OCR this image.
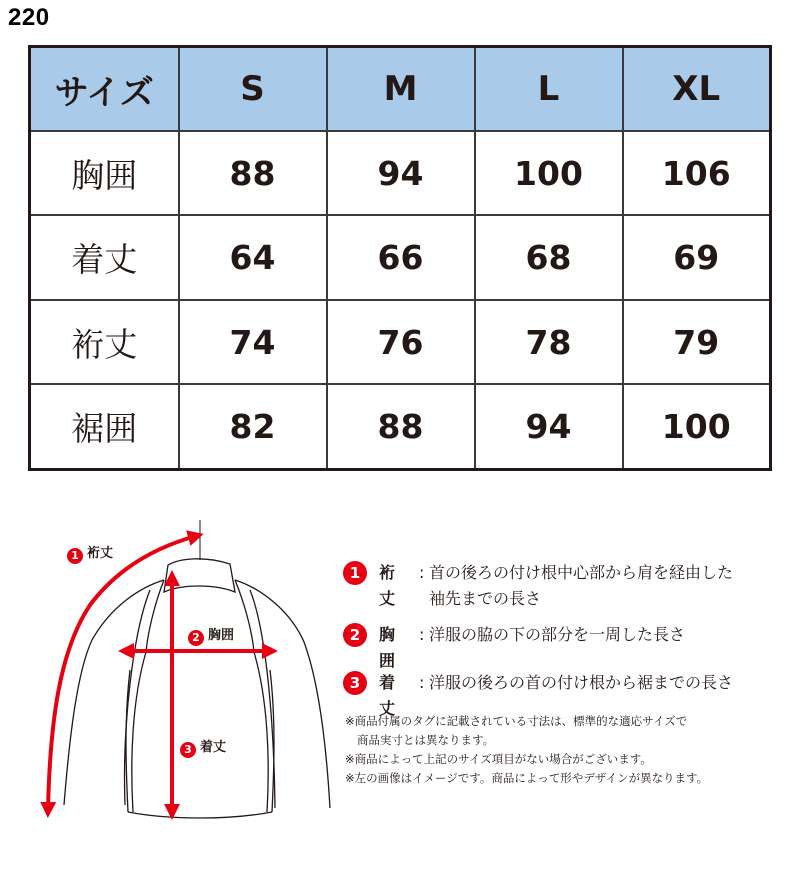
220
サイズ	S	M	L	XL
胸囲	88	94	100	106
着丈	64	66	68	69
裄丈	74	76	78	79
裾囲	82	88	94	100
1 裄丈
2 胸囲
3 着丈
1	裄丈
: 首の後ろの付け根中心部から肩を経由した
袖先までの長さ
2	胸囲
: 洋服の脇の下の部分を一周した長さ
3	着丈
: 洋服の後ろの首の付け根から裾までの長さ
※商品付属のタグに記載されている寸法は、標準的な適応サイズで
商品実寸とは異なります。
※商品によって上記のサイズ項目がない場合がございます。
※左の画像はイメージです。商品によって形やデザインが異なります。
